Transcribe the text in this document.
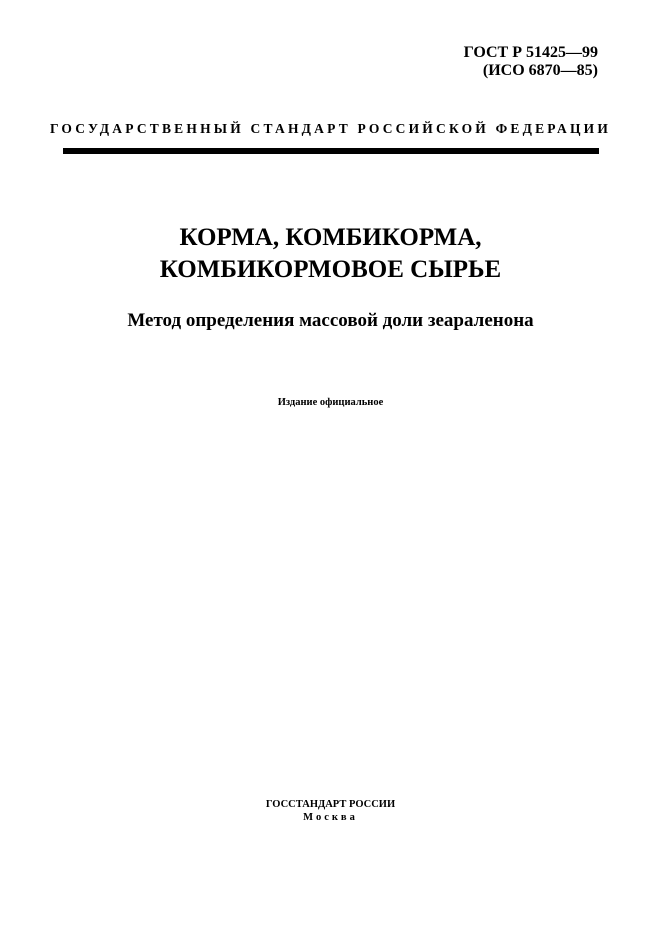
ГОСТ Р 51425—99
(ИСО 6870—85)
ГОСУДАРСТВЕННЫЙ СТАНДАРТ РОССИЙСКОЙ ФЕДЕРАЦИИ
КОРМА, КОМБИКОРМА,
КОМБИКОРМОВОЕ СЫРЬЕ
Метод определения массовой доли зеараленона
Издание официальное
ГОССТАНДАРТ РОССИИ
Москва
